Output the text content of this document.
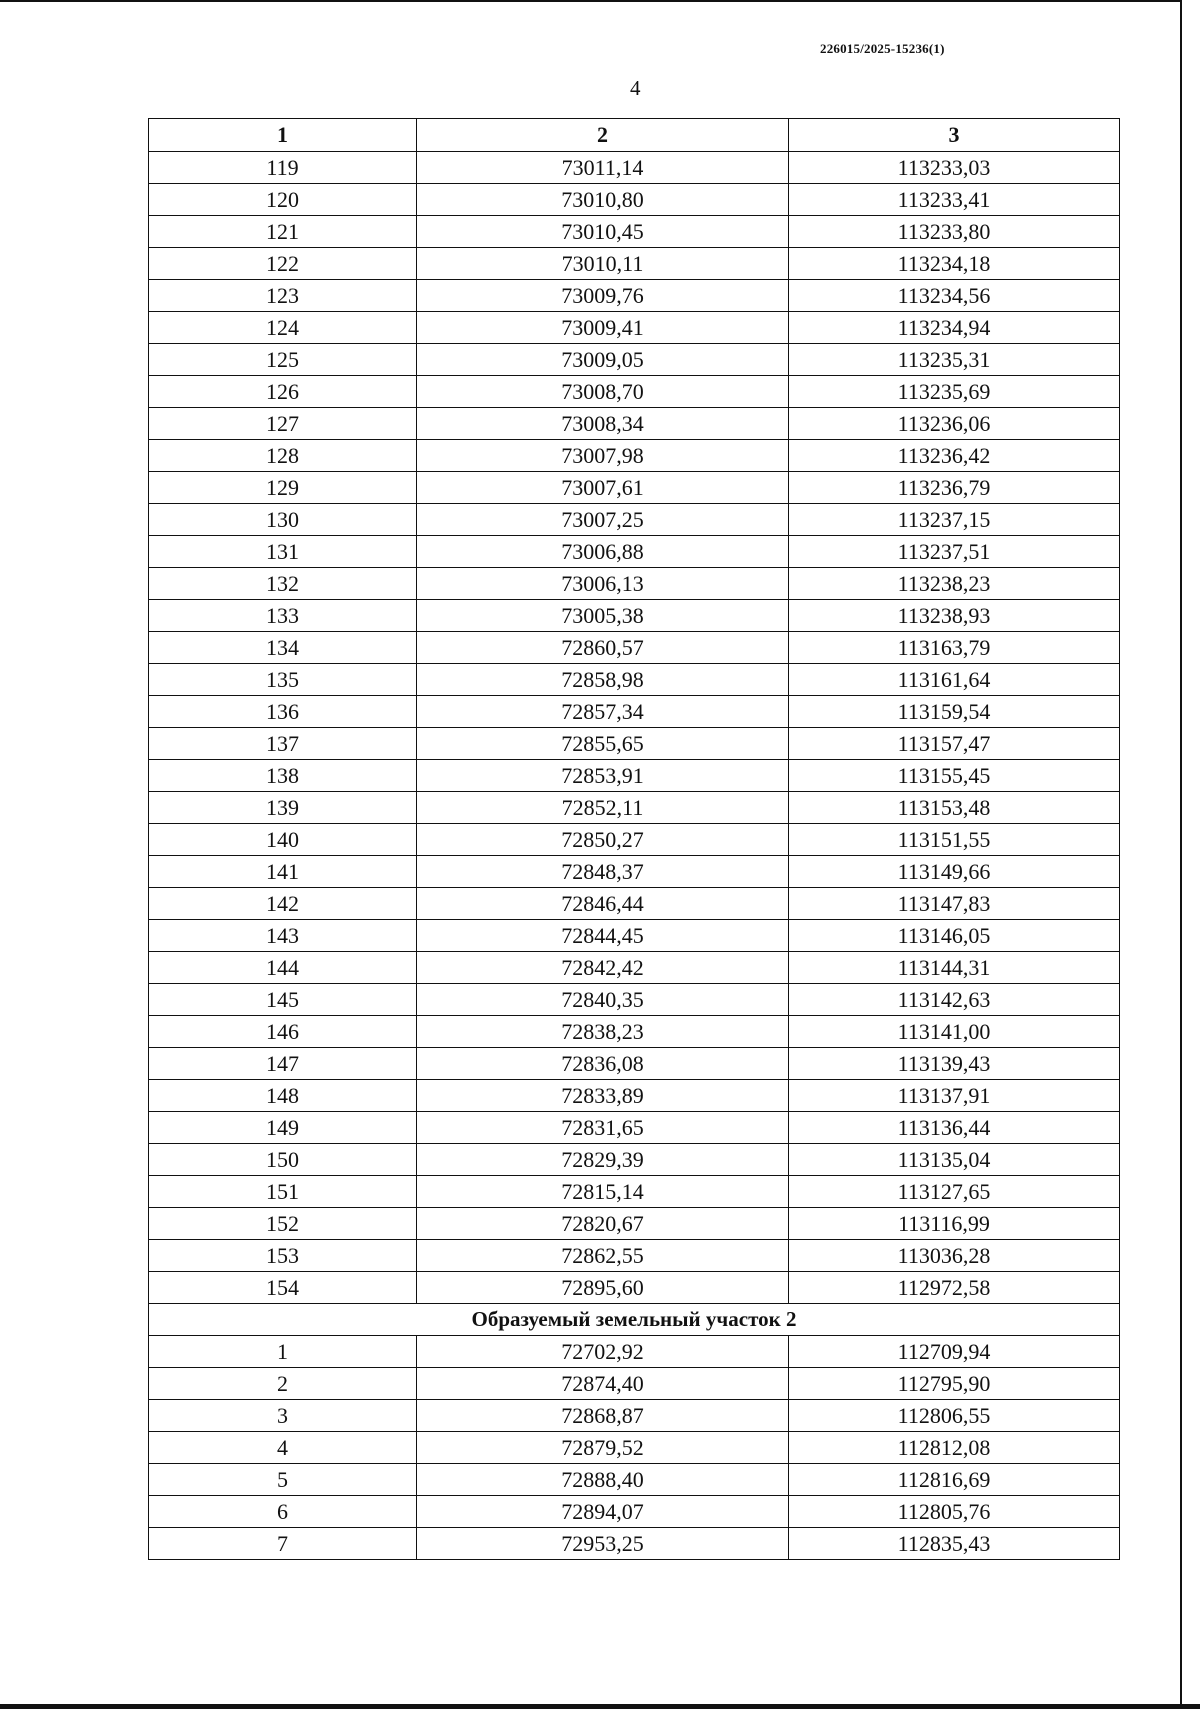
226015/2025-15236(1)
4
1	2	3
119	73011,14	113233,03
120	73010,80	113233,41
121	73010,45	113233,80
122	73010,11	113234,18
123	73009,76	113234,56
124	73009,41	113234,94
125	73009,05	113235,31
126	73008,70	113235,69
127	73008,34	113236,06
128	73007,98	113236,42
129	73007,61	113236,79
130	73007,25	113237,15
131	73006,88	113237,51
132	73006,13	113238,23
133	73005,38	113238,93
134	72860,57	113163,79
135	72858,98	113161,64
136	72857,34	113159,54
137	72855,65	113157,47
138	72853,91	113155,45
139	72852,11	113153,48
140	72850,27	113151,55
141	72848,37	113149,66
142	72846,44	113147,83
143	72844,45	113146,05
144	72842,42	113144,31
145	72840,35	113142,63
146	72838,23	113141,00
147	72836,08	113139,43
148	72833,89	113137,91
149	72831,65	113136,44
150	72829,39	113135,04
151	72815,14	113127,65
152	72820,67	113116,99
153	72862,55	113036,28
154	72895,60	112972,58
Образуемый земельный участок 2		
1	72702,92	112709,94
2	72874,40	112795,90
3	72868,87	112806,55
4	72879,52	112812,08
5	72888,40	112816,69
6	72894,07	112805,76
7	72953,25	112835,43
